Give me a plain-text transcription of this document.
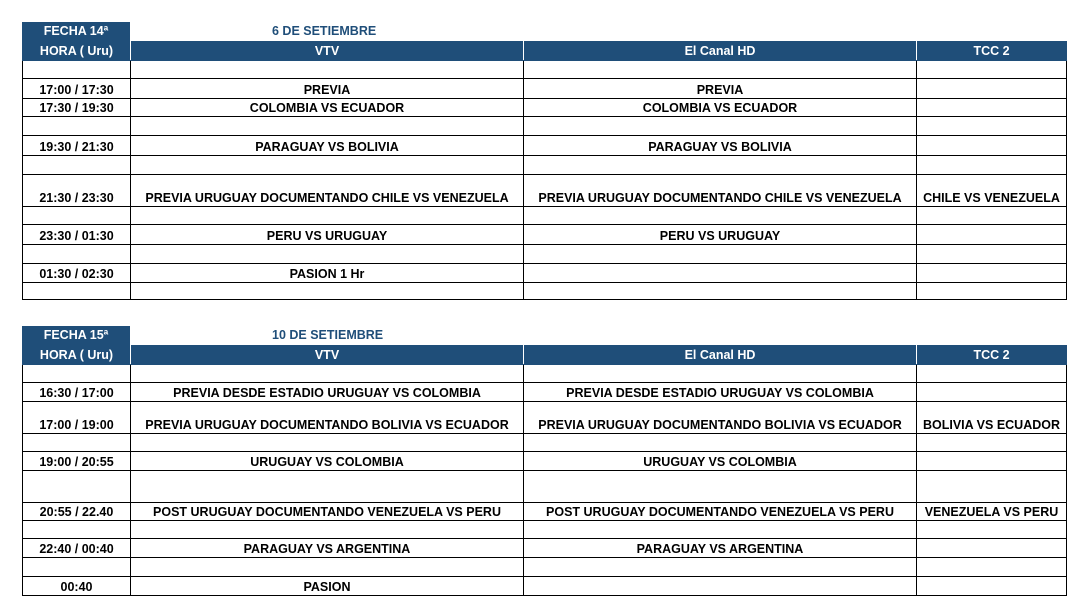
FECHA 14ª	6 DE SETIEMBRE
HORA ( Uru)	VTV	El Canal HD	TCC 2

17:00 / 17:30	PREVIA	PREVIA	
17:30 / 19:30	COLOMBIA VS ECUADOR	COLOMBIA VS ECUADOR	

19:30 / 21:30	PARAGUAY VS BOLIVIA	PARAGUAY VS BOLIVIA	

21:30 / 23:30	PREVIA URUGUAY DOCUMENTANDO CHILE VS VENEZUELA	PREVIA URUGUAY DOCUMENTANDO CHILE VS VENEZUELA	CHILE VS VENEZUELA

23:30 / 01:30	PERU VS URUGUAY	PERU VS URUGUAY	

01:30 / 02:30	PASION 1 Hr		

FECHA 15ª	10 DE SETIEMBRE
HORA ( Uru)	VTV	El Canal HD	TCC 2

16:30 / 17:00	PREVIA DESDE ESTADIO URUGUAY VS COLOMBIA	PREVIA DESDE ESTADIO URUGUAY VS COLOMBIA	
17:00 / 19:00	PREVIA URUGUAY DOCUMENTANDO BOLIVIA VS ECUADOR	PREVIA URUGUAY DOCUMENTANDO BOLIVIA VS ECUADOR	BOLIVIA VS ECUADOR

19:00 / 20:55	URUGUAY VS COLOMBIA	URUGUAY VS COLOMBIA	

20:55 / 22.40	POST URUGUAY DOCUMENTANDO VENEZUELA VS PERU	POST URUGUAY DOCUMENTANDO VENEZUELA VS PERU	VENEZUELA VS PERU

22:40 / 00:40	PARAGUAY VS ARGENTINA	PARAGUAY VS ARGENTINA	

00:40	PASION		
